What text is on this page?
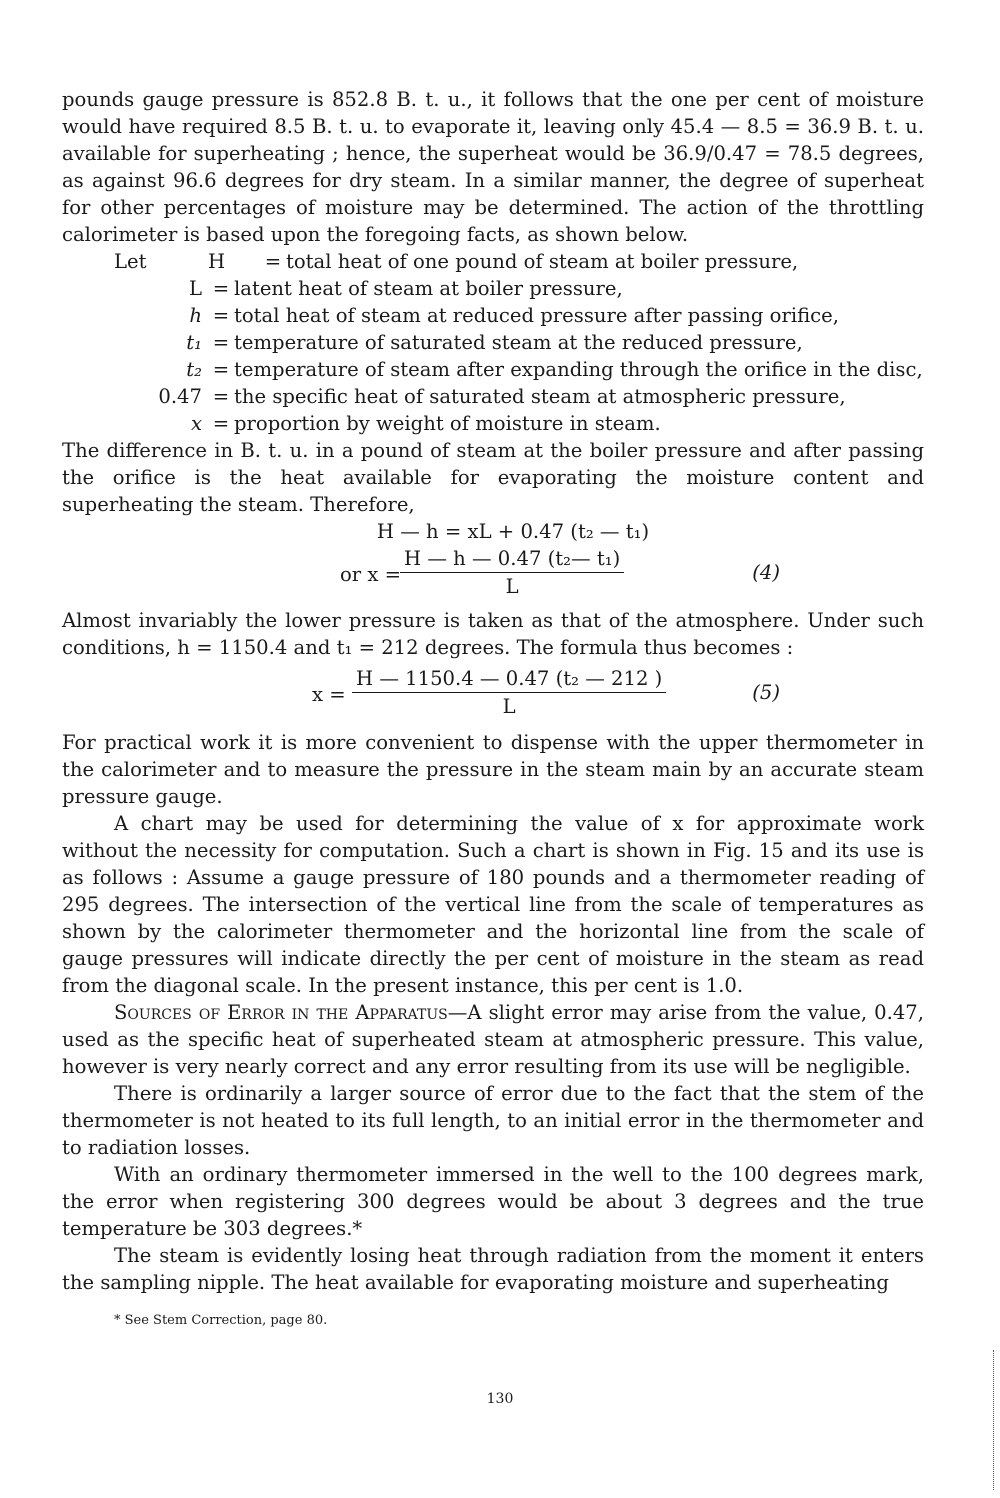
pounds gauge pressure is 852.8 B. t. u., it follows that the one per cent of moisture would have required 8.5 B. t. u. to evaporate it, leaving only 45.4 — 8.5 = 36.9 B. t. u. available for superheating ; hence, the superheat would be 36.9/0.47 = 78.5 degrees, as against 96.6 degrees for dry steam. In a similar manner, the degree of superheat for other percentages of moisture may be determined. The action of the throttling calorimeter is based upon the foregoing facts, as shown below.

Let	H	= total heat of one pound of steam at boiler pressure,
L = latent heat of steam at boiler pressure,
h = total heat of steam at reduced pressure after passing orifice,
t₁ = temperature of saturated steam at the reduced pressure,
t₂ = temperature of steam after expanding through the orifice in the disc,
0.47 = the specific heat of saturated steam at atmospheric pressure,
x = proportion by weight of moisture in steam.

The difference in B. t. u. in a pound of steam at the boiler pressure and after passing the orifice is the heat available for evaporating the moisture content and superheating the steam. Therefore,

H — h = xL + 0.47 (t₂ — t₁)
or x =
$\frac{\text{H — h — 0.47 (t₂— t₁)}}{L}$	(4)

Almost invariably the lower pressure is taken as that of the atmosphere. Under such conditions, h = 1150.4 and t₁ = 212 degrees. The formula thus becomes :

$x = \frac{\text{H — 1150.4 — 0.47 (t₂ — 212 )}}{L}$	(5)

For practical work it is more convenient to dispense with the upper thermometer in the calorimeter and to measure the pressure in the steam main by an accurate steam pressure gauge.

A chart may be used for determining the value of x for approximate work without the necessity for computation. Such a chart is shown in Fig. 15 and its use is as follows : Assume a gauge pressure of 180 pounds and a thermometer reading of 295 degrees. The intersection of the vertical line from the scale of temperatures as shown by the calorimeter thermometer and the horizontal line from the scale of gauge pressures will indicate directly the per cent of moisture in the steam as read from the diagonal scale. In the present instance, this per cent is 1.0.

Sources of Error in the Apparatus—A slight error may arise from the value, 0.47, used as the specific heat of superheated steam at atmospheric pressure. This value, however is very nearly correct and any error resulting from its use will be negligible.

There is ordinarily a larger source of error due to the fact that the stem of the thermometer is not heated to its full length, to an initial error in the thermometer and to radiation losses.

With an ordinary thermometer immersed in the well to the 100 degrees mark, the error when registering 300 degrees would be about 3 degrees and the true temperature be 303 degrees.*

The steam is evidently losing heat through radiation from the moment it enters the sampling nipple. The heat available for evaporating moisture and superheating

* See Stem Correction, page 80.
130
